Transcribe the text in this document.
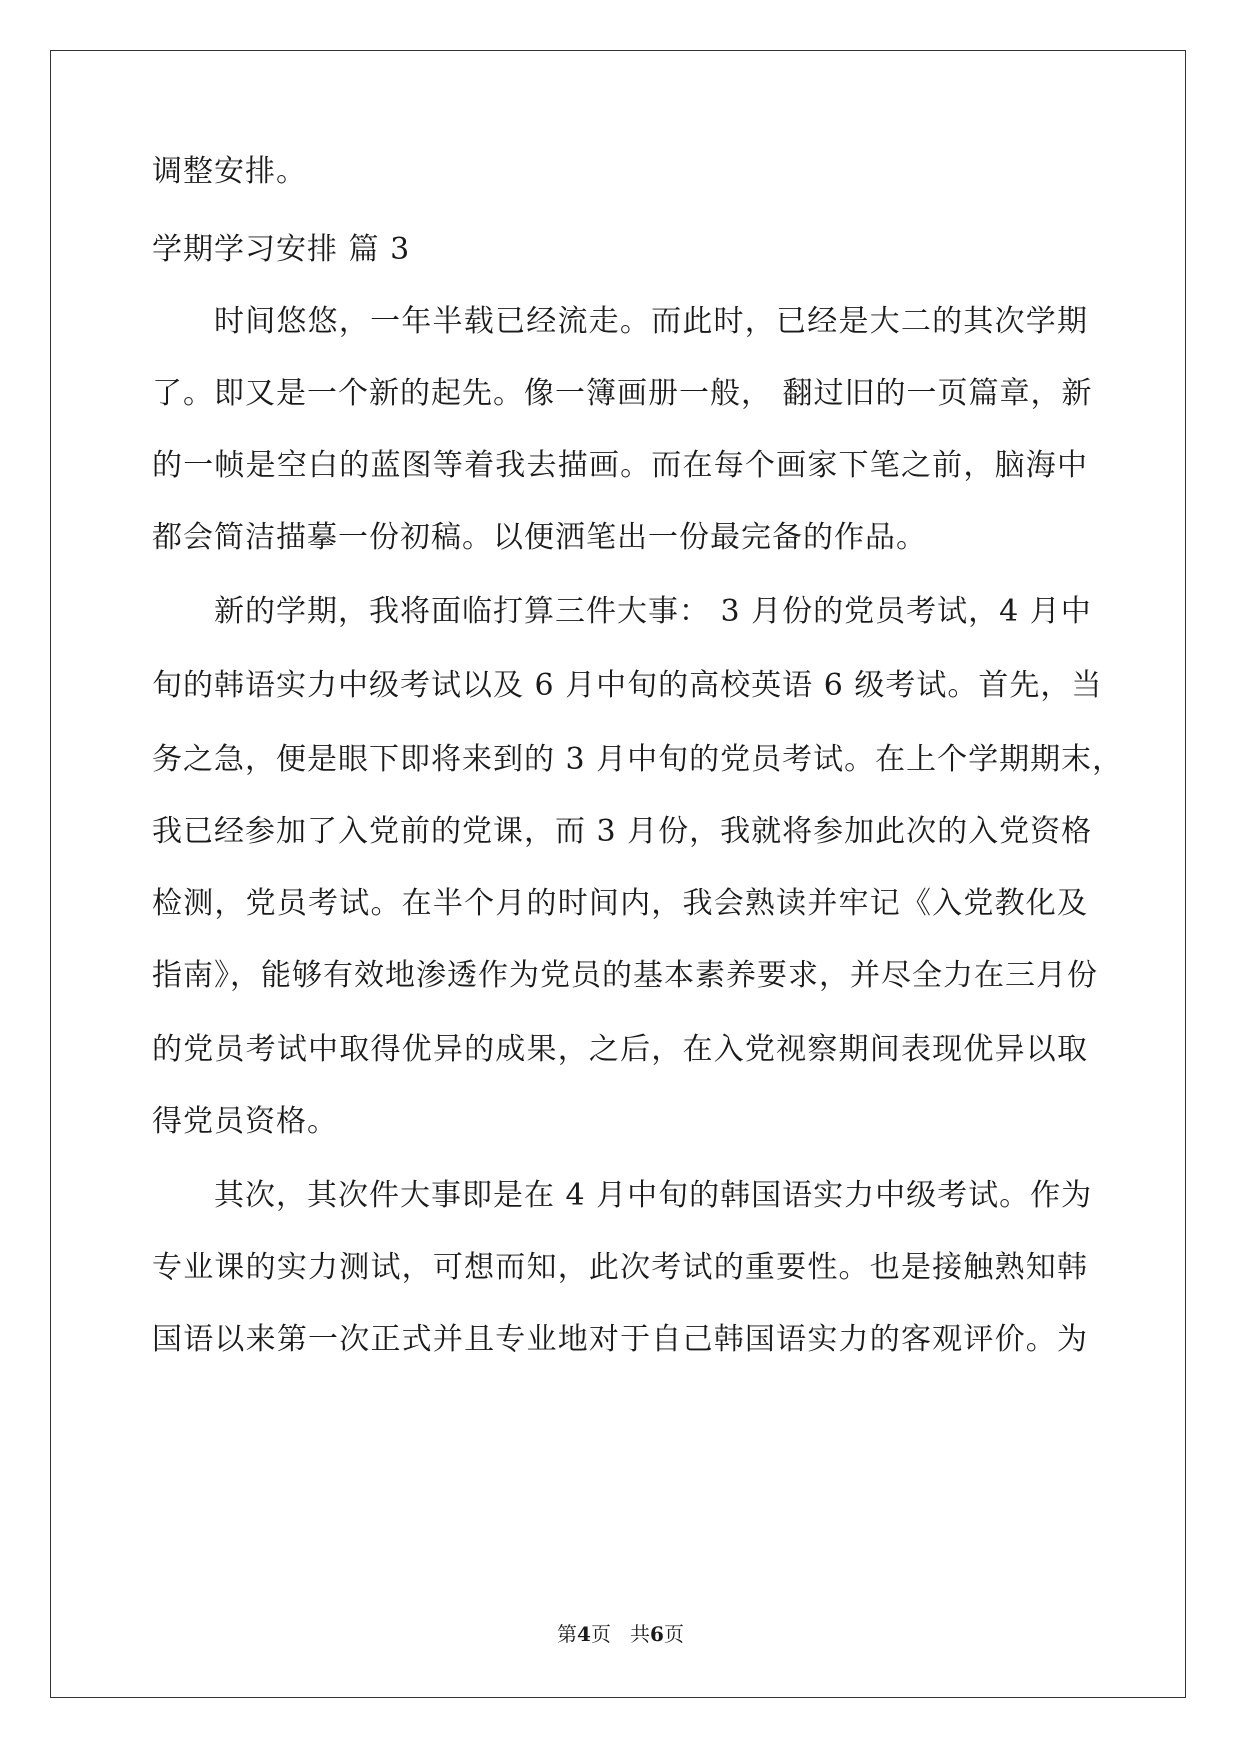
调整安排。
学期学习安排 篇 3
时间悠悠，一年半载已经流走。而此时，已经是大二的其次学期
了。即又是一个新的起先。像一簿画册一般， 翻过旧的一页篇章，新
的一帧是空白的蓝图等着我去描画。而在每个画家下笔之前，脑海中
都会简洁描摹一份初稿。以便洒笔出一份最完备的作品。
新的学期，我将面临打算三件大事： 3 月份的党员考试，4 月中
旬的韩语实力中级考试以及 6 月中旬的高校英语 6 级考试。首先，当
务之急，便是眼下即将来到的 3 月中旬的党员考试。在上个学期期末，
我已经参加了入党前的党课，而 3 月份，我就将参加此次的入党资格
检测，党员考试。在半个月的时间内，我会熟读并牢记《入党教化及
指南》，能够有效地渗透作为党员的基本素养要求，并尽全力在三月份
的党员考试中取得优异的成果，之后，在入党视察期间表现优异以取
得党员资格。
其次，其次件大事即是在 4 月中旬的韩国语实力中级考试。作为
专业课的实力测试，可想而知，此次考试的重要性。也是接触熟知韩
国语以来第一次正式并且专业地对于自己韩国语实力的客观评价。为
第4页 共6页
